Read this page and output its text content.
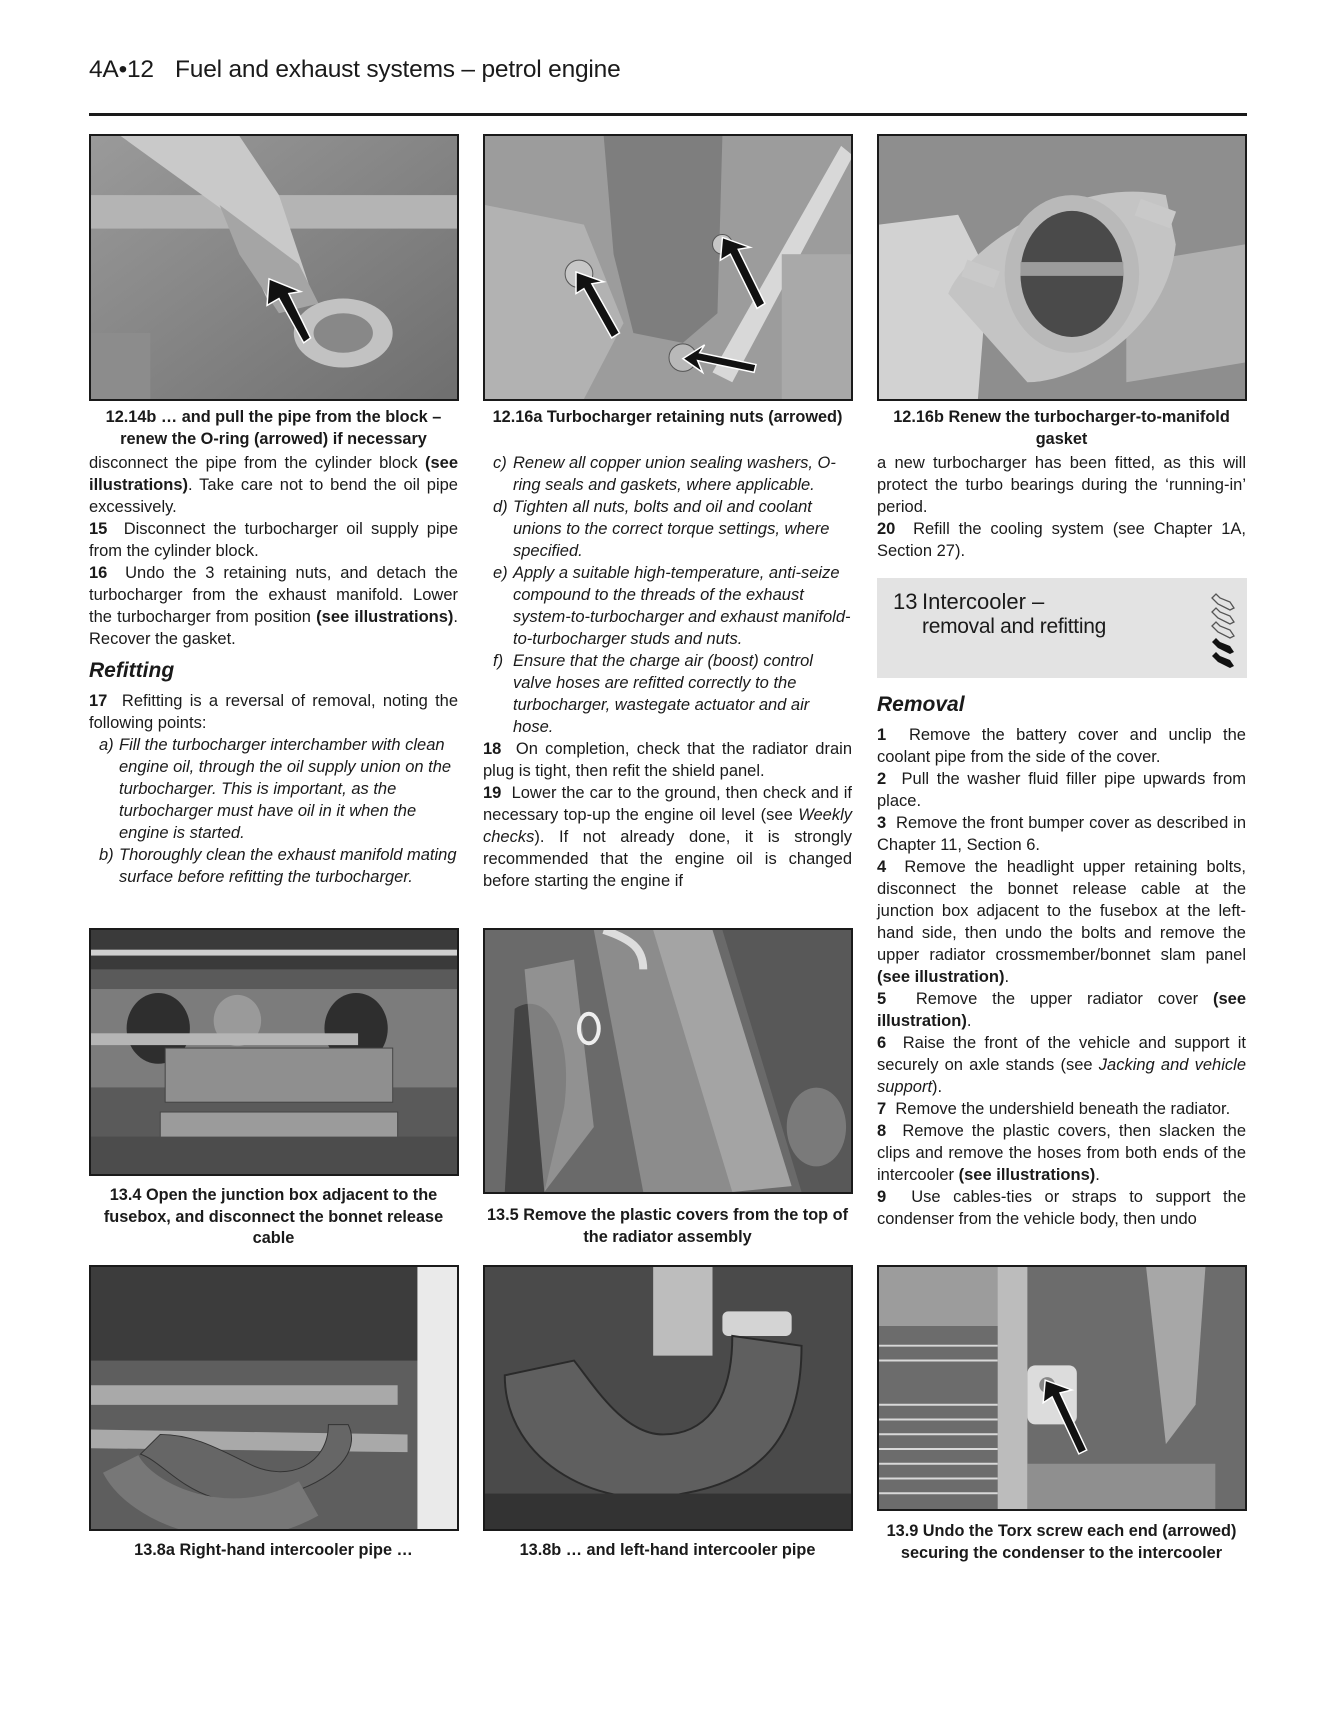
4A•12 Fuel and exhaust systems – petrol engine
12.14b … and pull the pipe from the block – renew the O-ring (arrowed) if necessary
12.16a Turbocharger retaining nuts (arrowed)	12.16b Renew the turbocharger-to-manifold gasket

disconnect the pipe from the cylinder block (see illustrations). Take care not to bend the oil pipe excessively.

15 Disconnect the turbocharger oil supply pipe from the cylinder block.

16 Undo the 3 retaining nuts, and detach the turbocharger from the exhaust manifold. Lower the turbocharger from position (see illustrations). Recover the gasket.

Refitting

17 Refitting is a reversal of removal, noting the following points:

a) Fill the turbocharger interchamber with clean engine oil, through the oil supply union on the turbocharger. This is important, as the turbocharger must have oil in it when the engine is started.
b) Thoroughly clean the exhaust manifold mating surface before refitting the turbocharger.
c) Renew all copper union sealing washers, O-ring seals and gaskets, where applicable.
d) Tighten all nuts, bolts and oil and coolant unions to the correct torque settings, where specified.
e) Apply a suitable high-temperature, anti-seize compound to the threads of the exhaust system-to-turbocharger and exhaust manifold-to-turbocharger studs and nuts.
f) Ensure that the charge air (boost) control valve hoses are refitted correctly to the turbocharger, wastegate actuator and air hose.

18 On completion, check that the radiator drain plug is tight, then refit the shield panel.

19 Lower the car to the ground, then check and if necessary top-up the engine oil level (see Weekly checks). If not already done, it is strongly recommended that the engine oil is changed before starting the engine if

a new turbocharger has been fitted, as this will protect the turbo bearings during the ‘running-in’ period.

20 Refill the cooling system (see Chapter 1A, Section 27).

13 Intercooler –
removal and refitting
Removal

1 Remove the battery cover and unclip the coolant pipe from the side of the cover.

2 Pull the washer fluid filler pipe upwards from place.

3 Remove the front bumper cover as described in Chapter 11, Section 6.

4 Remove the headlight upper retaining bolts, disconnect the bonnet release cable at the junction box adjacent to the fusebox at the left-hand side, then undo the bolts and remove the upper radiator crossmember/bonnet slam panel (see illustration).

5 Remove the upper radiator cover (see illustration).

6 Raise the front of the vehicle and support it securely on axle stands (see Jacking and vehicle support).

7 Remove the undershield beneath the radiator.

8 Remove the plastic covers, then slacken the clips and remove the hoses from both ends of the intercooler (see illustrations).

9 Use cables-ties or straps to support the condenser from the vehicle body, then undo

13.4 Open the junction box adjacent to the fusebox, and disconnect the bonnet release cable
13.5 Remove the plastic covers from the top of the radiator assembly
13.8a Right-hand intercooler pipe …	13.8b … and left-hand intercooler pipe
13.9 Undo the Torx screw each end (arrowed) securing the condenser to the intercooler
